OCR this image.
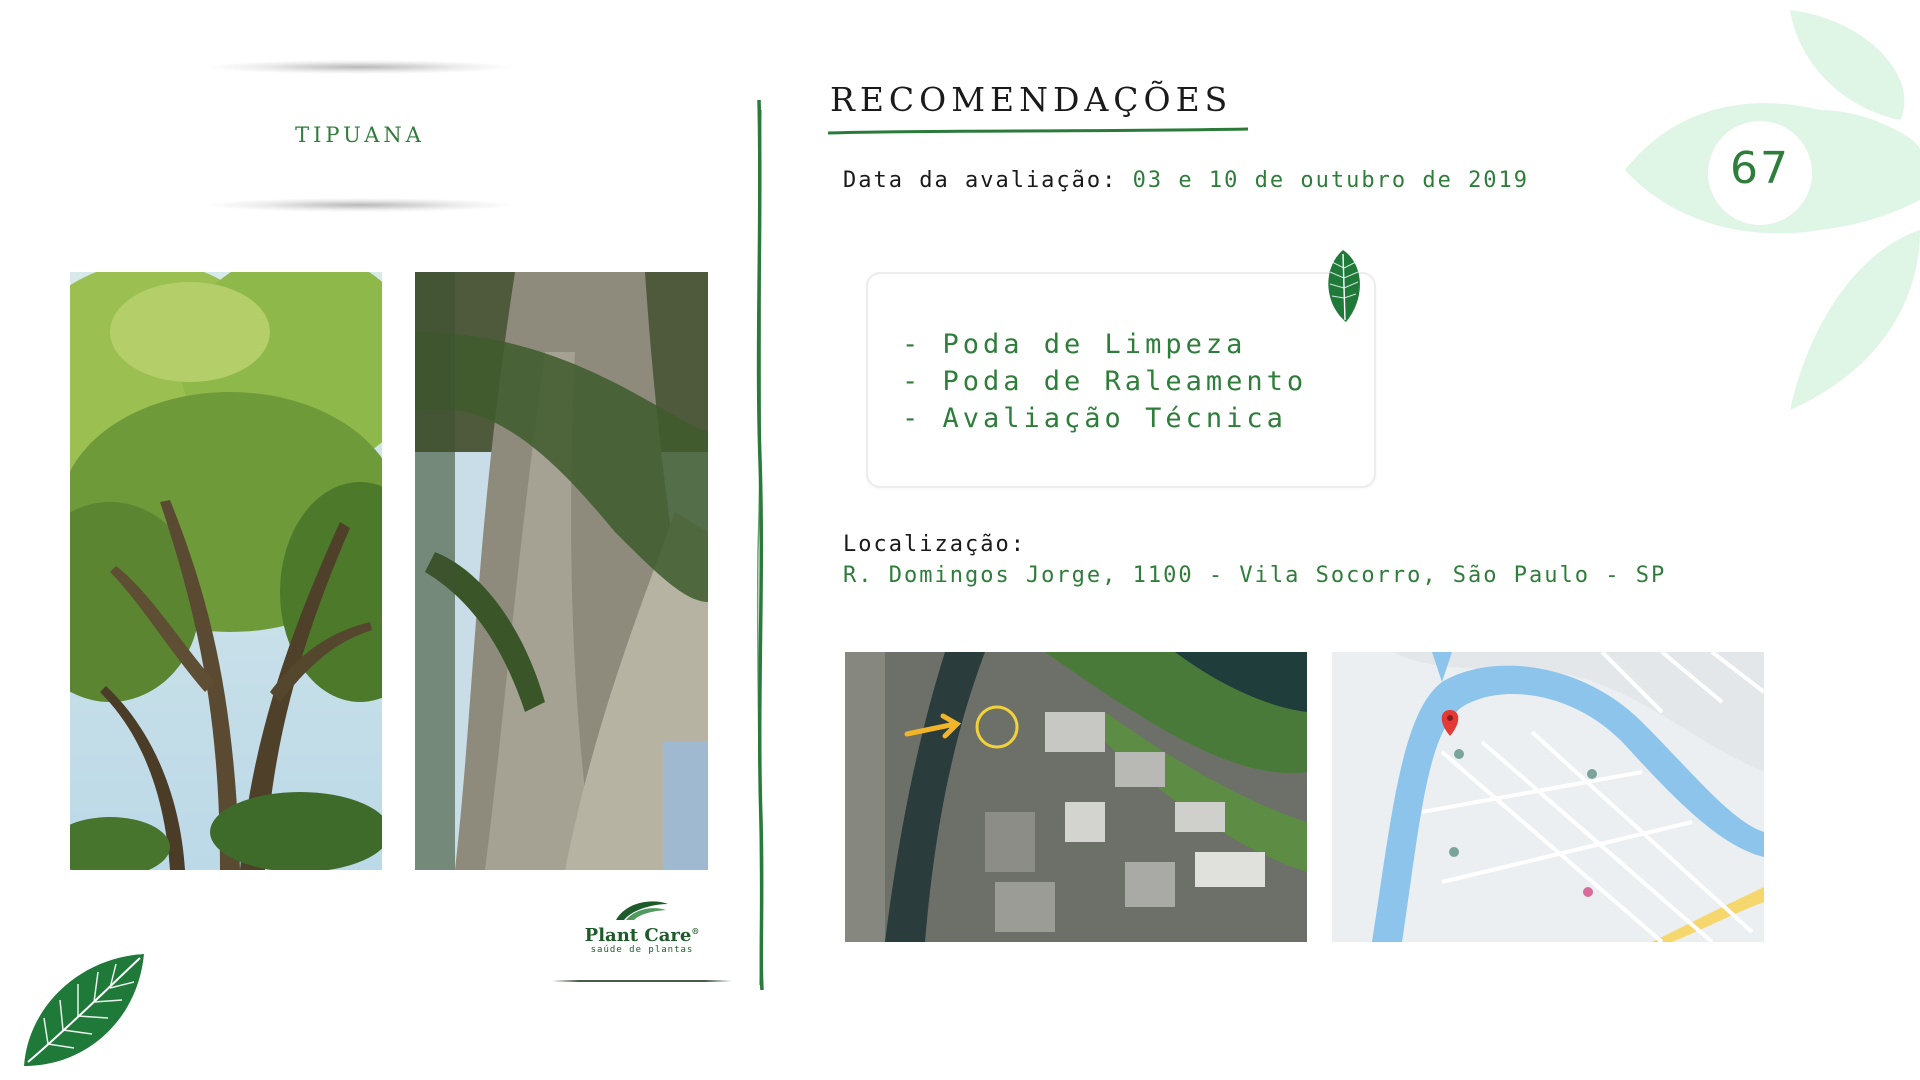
67
TIPUANA
Plant Care®
saúde de plantas
RECOMENDAÇÕES
Data da avaliação: 03 e 10 de outubro de 2019
- Poda de Limpeza
- Poda de Raleamento
- Avaliação Técnica
Localização:
R. Domingos Jorge, 1100 - Vila Socorro, São Paulo - SP
